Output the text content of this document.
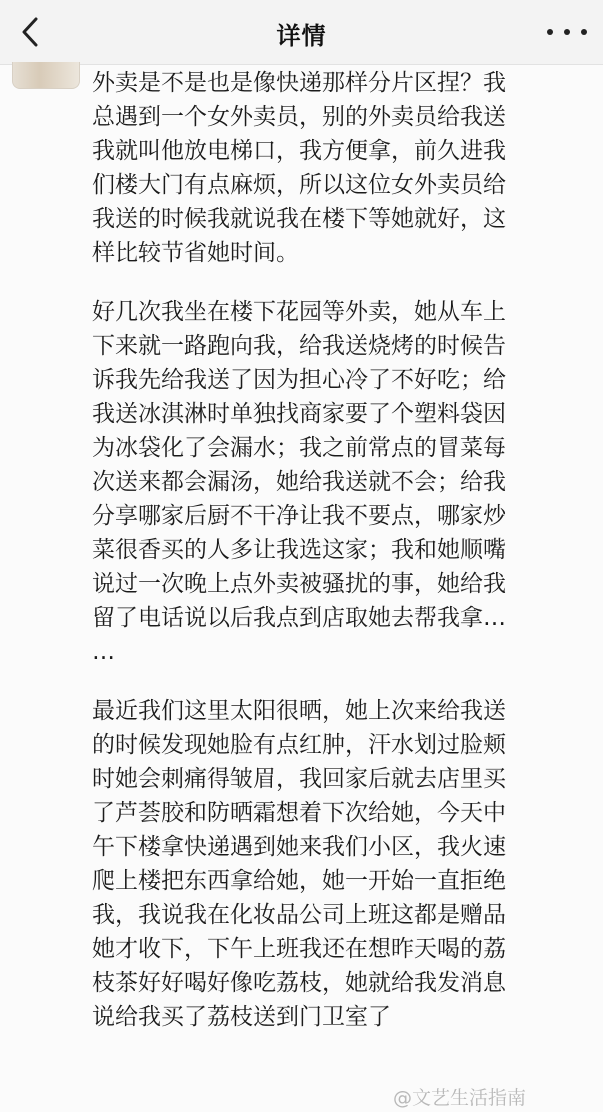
详情
外卖是不是也是像快递那样分片区捏？我
总遇到一个女外卖员，别的外卖员给我送
我就叫他放电梯口，我方便拿，前久进我
们楼大门有点麻烦，所以这位女外卖员给
我送的时候我就说我在楼下等她就好，这
样比较节省她时间。
好几次我坐在楼下花园等外卖，她从车上
下来就一路跑向我，给我送烧烤的时候告
诉我先给我送了因为担心冷了不好吃；给
我送冰淇淋时单独找商家要了个塑料袋因
为冰袋化了会漏水；我之前常点的冒菜每
次送来都会漏汤，她给我送就不会；给我
分享哪家后厨不干净让我不要点，哪家炒
菜很香买的人多让我选这家；我和她顺嘴
说过一次晚上点外卖被骚扰的事，她给我
留了电话说以后我点到店取她去帮我拿…
…
最近我们这里太阳很晒，她上次来给我送
的时候发现她脸有点红肿，汗水划过脸颊
时她会刺痛得皱眉，我回家后就去店里买
了芦荟胶和防晒霜想着下次给她，今天中
午下楼拿快递遇到她来我们小区，我火速
爬上楼把东西拿给她，她一开始一直拒绝
我，我说我在化妆品公司上班这都是赠品
她才收下，下午上班我还在想昨天喝的荔
枝茶好好喝好像吃荔枝，她就给我发消息
说给我买了荔枝送到门卫室了
@文艺生活指南
